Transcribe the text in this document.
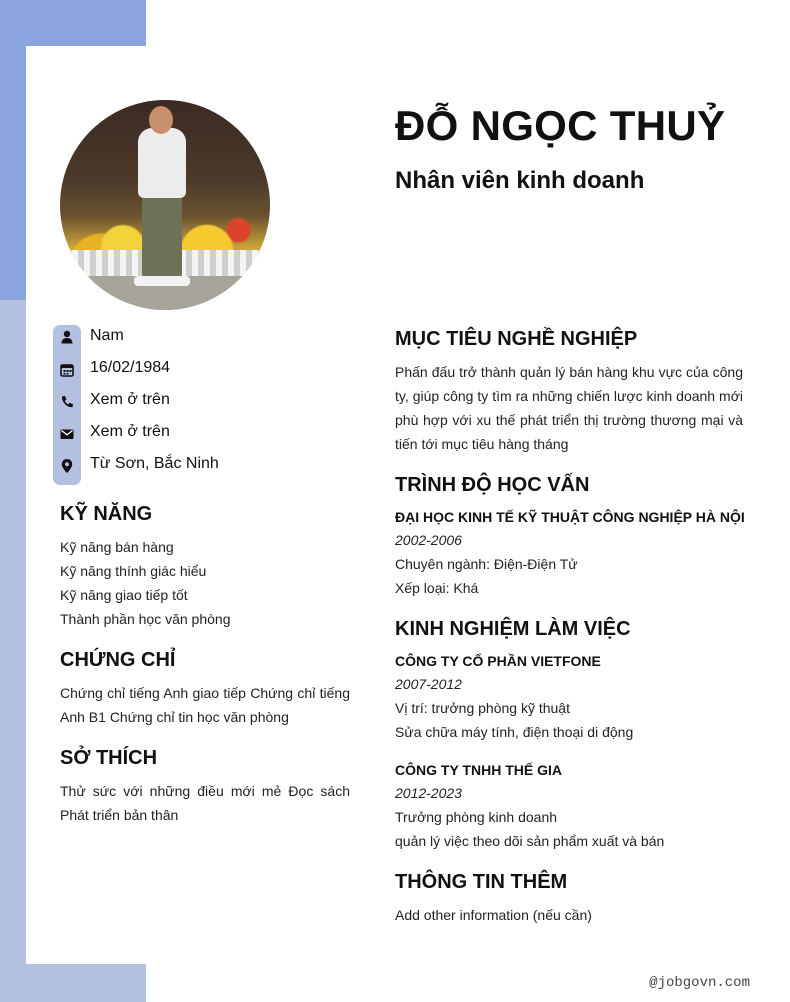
ĐỖ NGỌC THUỶ
Nhân viên kinh doanh
Nam
16/02/1984
Xem ở trên
Xem ở trên
Từ Sơn, Bắc Ninh
KỸ NĂNG
Kỹ năng bán hàng
Kỹ năng thính giác hiểu
Kỹ năng giao tiếp tốt
Thành phần học văn phòng
CHỨNG CHỈ
Chứng chỉ tiếng Anh giao tiếp Chứng chỉ tiếng Anh B1 Chứng chỉ tin học văn phòng
SỞ THÍCH
Thử sức với những điều mới mẻ Đọc sách Phát triển bản thân
MỤC TIÊU NGHỀ NGHIỆP
Phấn đấu trở thành quản lý bán hàng khu vực của công ty, giúp công ty tìm ra những chiến lược kinh doanh mới phù hợp với xu thế phát triển thị trường thương mại và tiến tới mục tiêu hàng tháng
TRÌNH ĐỘ HỌC VẤN
ĐẠI HỌC KINH TẾ KỸ THUẬT CÔNG NGHIỆP HÀ NỘI
2002-2006
Chuyên ngành: Điện-Điện Tử
Xếp loại: Khá
KINH NGHIỆM LÀM VIỆC
CÔNG TY CỔ PHẦN VIETFONE
2007-2012
Vị trí: trưởng phòng kỹ thuật
Sửa chữa máy tính, điện thoại di động
CÔNG TY TNHH THẾ GIA
2012-2023
Trưởng phòng kinh doanh
quản lý việc theo dõi sản phẩm xuất và bán
THÔNG TIN THÊM
Add other information (nếu cần)
@jobgovn.com
